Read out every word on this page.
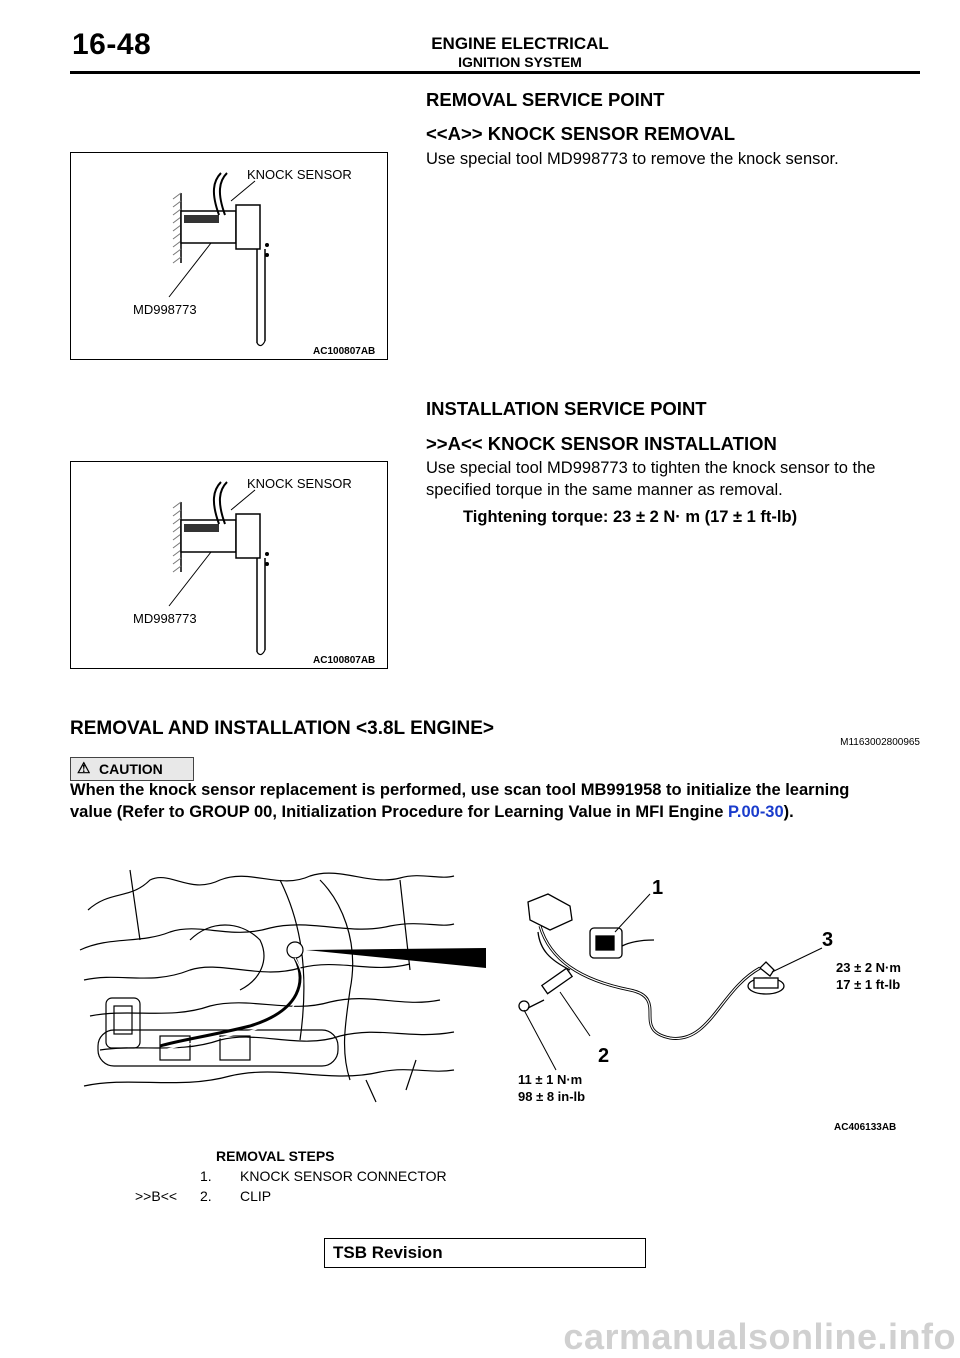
16-48	ENGINE ELECTRICAL
IGNITION SYSTEM
REMOVAL SERVICE POINT
<<A>> KNOCK SENSOR REMOVAL
Use special tool MD998773 to remove the knock sensor.
KNOCK SENSOR
MD998773
AC100807AB
INSTALLATION SERVICE POINT
>>A<< KNOCK SENSOR INSTALLATION
Use special tool MD998773 to tighten the knock sensor to the
specified torque in the same manner as removal.
Tightening torque: 23 ± 2 N· m (17 ± 1 ft-lb)
KNOCK SENSOR
MD998773
AC100807AB
REMOVAL AND INSTALLATION <3.8L ENGINE>
M1163002800965
⚠ CAUTION
When the knock sensor replacement is performed, use scan tool MB991958 to initialize the learning
value (Refer to GROUP 00, Initialization Procedure for Learning Value in MFI Engine P.00-30).
1
3
2
23 ± 2 N·m
17 ± 1 ft-lb
11 ± 1 N·m
98 ± 8 in-lb
AC406133AB
REMOVAL STEPS
1. KNOCK SENSOR CONNECTOR
>>B<< 2. CLIP
TSB Revision
carmanualsonline.info
